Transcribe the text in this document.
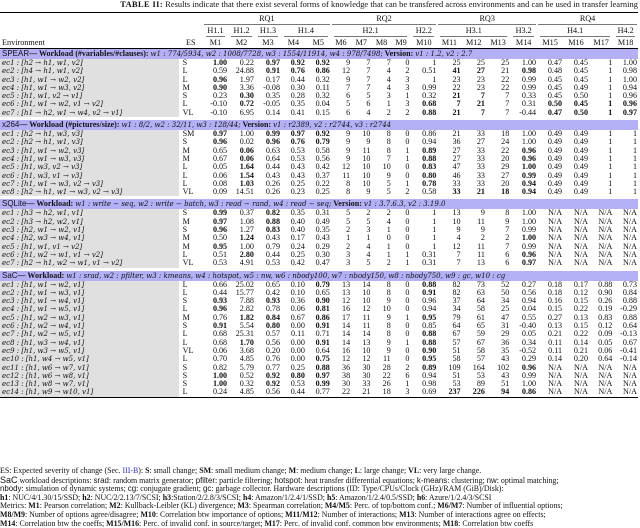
TABLE II: Results indicate that there exist several forms of knowledge that can be transfered across environments and can be used in transfer learning

		RQ1					RQ2					RQ3				RQ4			

		H1.1	H1.2	H1.3	H1.4		H2.1				H2.2	H3.1			H3.2	H4.1			H4.2

Environment	ES	M1	M2	M3	M4	M5	M6	M7	M8	M9	M10	M11	M12	M13	M14	M15	M16	M17	M18
SPEAR— Workload (#variables/#clauses): w1 : 774/5934, w2 : 1008/7728, w3 : 1554/11914, w4 : 978/7498; Version: v1 : 1.2, v2 : 2.7																			
ec1 : [h2 → h1, w1, v2]	S	1.00	0.22	0.97	0.92	0.92	9	7	7	0	1	25	25	25	1.00	0.47	0.45	1	1.00
ec2 : [h4 → h1, w1, v2]	L	0.59	24.88	0.91	0.76	0.86	12	7	4	2	0.51	41	27	21	0.98	0.48	0.45	1	0.98
ec3 : [h1, w1 → w2, v2]	L	0.96	1.97	0.17	0.44	0.32	9	7	4	3	1	23	23	22	0.99	0.45	0.45	1	1.00
ec4 : [h1, w1 → w3, v2]	M	0.90	3.36	-0.08	0.30	0.11	7	7	4	3	0.99	22	23	22	0.99	0.45	0.49	1	0.94
ec5 : [h1, w1, v2 → v1]	S	0.23	0.30	0.35	0.28	0.32	6	5	3	1	0.32	21	7	7	0.33	0.45	0.50	1	0.96
ec6 : [h1, w1 → w2, v1 → v2]	L	-0.10	0.72	-0.05	0.35	0.04	5	6	1	3	0.68	7	21	7	0.31	0.50	0.45	1	0.96
ec7 : [h1 → h2, w1 → w4, v2 → v1]	VL	-0.10	6.95	0.14	0.41	0.15	6	4	2	2	0.88	21	7	7	-0.44	0.47	0.50	1	0.97

x264— Workload (#pictures/size): w1 : 8/2, w2 : 32/11, w3 : 128/44; Version: v1 : r2389, v2 : r2744, v3 : r2744																			
ec1 : [h2 → h1, w3, v3]	SM	0.97	1.00	0.99	0.97	0.92	9	10	8	0	0.86	21	33	18	1.00	0.49	0.49	1	1
ec2 : [h2 → h1, w1, v3]	S	0.96	0.02	0.96	0.76	0.79	9	9	8	0	0.94	36	27	24	1.00	0.49	0.49	1	1
ec3 : [h1, w1 → w2, v3]	M	0.65	0.06	0.63	0.53	0.58	9	11	8	1	0.89	27	33	22	0.96	0.49	0.49	1	1
ec4 : [h1, w1 → w3, v3]	M	0.67	0.06	0.64	0.53	0.56	9	10	7	1	0.88	27	33	20	0.96	0.49	0.49	1	1
ec5 : [h1, w3, v2 → v3]	L	0.05	1.64	0.44	0.43	0.42	12	10	10	0	0.83	47	33	29	1.00	0.49	0.49	1	1
ec6 : [h1, w3, v1 → v3]	L	0.06	1.54	0.43	0.43	0.37	11	10	9	0	0.80	46	33	27	0.99	0.49	0.49	1	1
ec7 : [h1, w1 → w3, v2 → v3]	L	0.08	1.03	0.26	0.25	0.22	8	10	5	1	0.78	33	33	20	0.94	0.49	0.49	1	1
ec8 : [h2 → h1, w1 → w3, v2 → v3]	VL	0.09	14.51	0.26	0.23	0.25	8	9	5	2	0.58	33	21	18	0.94	0.49	0.49	1	1

SQLite— Workload: w1 : write − seq, w2 : write − batch, w3 : read − rand, w4 : read − seq; Version: v1 : 3.7.6.3, v2 : 3.19.0																			
ec1 : [h3 → h2, w1, v1]	S	0.99	0.37	0.82	0.35	0.31	5	2	2	0	1	13	9	8	1.00	N/A	N/A	N/A	N/A
ec2 : [h3 → h2, w2, v1]	M	0.97	1.08	0.88	0.40	0.49	5	5	4	0	1	10	11	9	1.00	N/A	N/A	N/A	N/A
ec3 : [h2, w1 → w2, v1]	S	0.96	1.27	0.83	0.40	0.35	2	3	1	0	1	9	9	7	0.99	N/A	N/A	N/A	N/A
ec4 : [h2, w3 → w4, v1]	M	0.50	1.24	0.43	0.17	0.43	1	1	0	0	1	4	2	2	1.00	N/A	N/A	N/A	N/A
ec5 : [h1, w1, v1 → v2]	M	0.95	1.00	0.79	0.24	0.29	2	4	1	0	1	12	11	7	0.99	N/A	N/A	N/A	N/A
ec6 : [h1, w2 → w1, v1 → v2]	L	0.51	2.80	0.44	0.25	0.30	3	4	1	1	0.31	7	11	6	0.96	N/A	N/A	N/A	N/A
ec7 : [h2 → h1, w2 → w1, v1 → v2]	VL	0.53	4.91	0.53	0.42	0.47	3	5	2	1	0.31	7	13	6	0.97	N/A	N/A	N/A	N/A

SaC— Workload: w1 : srad, w2 : pfilter, w3 : kmeans, w4 : hotspot, w5 : nw, w6 : nbody100, w7 : nbody150, w8 : nbody750, w9 : gc, w10 : cg																			
ec1 : [h1, w1 → w2, v1]	L	0.66	25.02	0.65	0.10	0.79	13	14	8	0	0.88	82	73	52	0.27	0.18	0.17	0.88	0.73
ec2 : [h1, w1 → w3, v1]	L	0.44	15.77	0.42	0.10	0.65	13	10	8	0	0.91	82	63	50	0.56	0.18	0.12	0.90	0.84
ec3 : [h1, w1 → w4, v1]	S	0.93	7.88	0.93	0.36	0.90	12	10	9	0	0.96	37	64	34	0.94	0.16	0.15	0.26	0.88
ec4 : [h1, w1 → w5, v1]	L	0.96	2.82	0.78	0.06	0.81	16	12	10	0	0.94	34	58	25	0.04	0.15	0.22	0.19	-0.29
ec5 : [h1, w2 → w3, v1]	M	0.76	1.82	0.84	0.67	0.86	17	11	9	1	0.95	79	61	47	0.55	0.27	0.13	0.83	0.88
ec6 : [h1, w2 → w4, v1]	S	0.91	5.54	0.80	0.00	0.91	14	11	8	0	0.85	64	65	31	-0.40	0.13	0.15	0.12	0.64
ec7 : [h1, w2 → w5, v1]	L	0.68	25.31	0.57	0.11	0.71	14	14	8	0	0.88	67	59	29	0.05	0.21	0.22	0.09	-0.13
ec8 : [h1, w3 → w4, v1]	L	0.68	1.70	0.56	0.00	0.91	14	13	9	1	0.88	57	67	36	0.34	0.11	0.14	0.05	0.67
ec9 : [h1, w3 → w5, v1]	VL	0.06	3.68	0.20	0.00	0.64	16	10	9	0	0.90	51	58	35	-0.52	0.11	0.21	0.06	-0.41
ec10 : [h1, w4 → w5, v1]	L	0.70	4.85	0.76	0.00	0.75	12	12	11	0	0.95	58	57	43	0.29	0.14	0.20	0.64	-0.14
ec11 : [h1, w6 → w7, v1]	S	0.82	5.79	0.77	0.25	0.88	36	30	28	2	0.89	109	164	102	0.96	N/A	N/A	N/A	N/A
ec12 : [h1, w6 → w8, v1]	S	1.00	0.52	0.92	0.80	0.97	38	30	22	6	0.94	51	53	43	0.99	N/A	N/A	N/A	N/A
ec13 : [h1, w8 → w7, v1]	S	1.00	0.32	0.92	0.53	0.99	30	33	26	1	0.98	53	89	51	1.00	N/A	N/A	N/A	N/A
ec14 : [h1, w9 → w10, v1]	L	0.24	4.85	0.56	0.44	0.77	22	21	18	3	0.69	237	226	94	0.86	N/A	N/A	N/A	N/A
ES: Expected severity of change (Sec. III-B): S: small change; SM: small medium change; M: medium change; L: large change; VL: very large change.
SaC workload descriptions: srad: random matrix generator; pfilter: particle filtering; hotspot: heat transfer differential equations; k-means: clustering; nw: optimal matching;
nbody: simulation of dynamic systems; cg: conjugate gradient; gc: garbage collector. Hardware descriptions (ID: Type/CPUs/Clock (GHz)/RAM (GiB)/Disk):
h1: NUC/4/1.30/15/SSD; h2: NUC/2/2.13/7/SCSI; h3:Station/2/2.8/3/SCSI; h4: Amazon/1/2.4/1/SSD; h5: Amazon/1/2.4/0.5/SSD; h6: Azure/1/2.4/3/SCSI
Metrics: M1: Pearson correlation; M2: Kullback-Leibler (KL) divergence; M3: Spearman correlation; M4/M5: Perc. of top/bottom conf.; M6/M7: Number of influential options;
M8/M9: Number of options agree/disagree; M10: Correlation btw importance of options; M11/M12: Number of interactions; M13: Number of interactions agree on effects;
M14: Correlation btw the coeffs; M15/M16: Perc. of invalid conf. in source/target; M17: Perc. of invalid conf. common btw environments; M18: Correlation btw coeffs
